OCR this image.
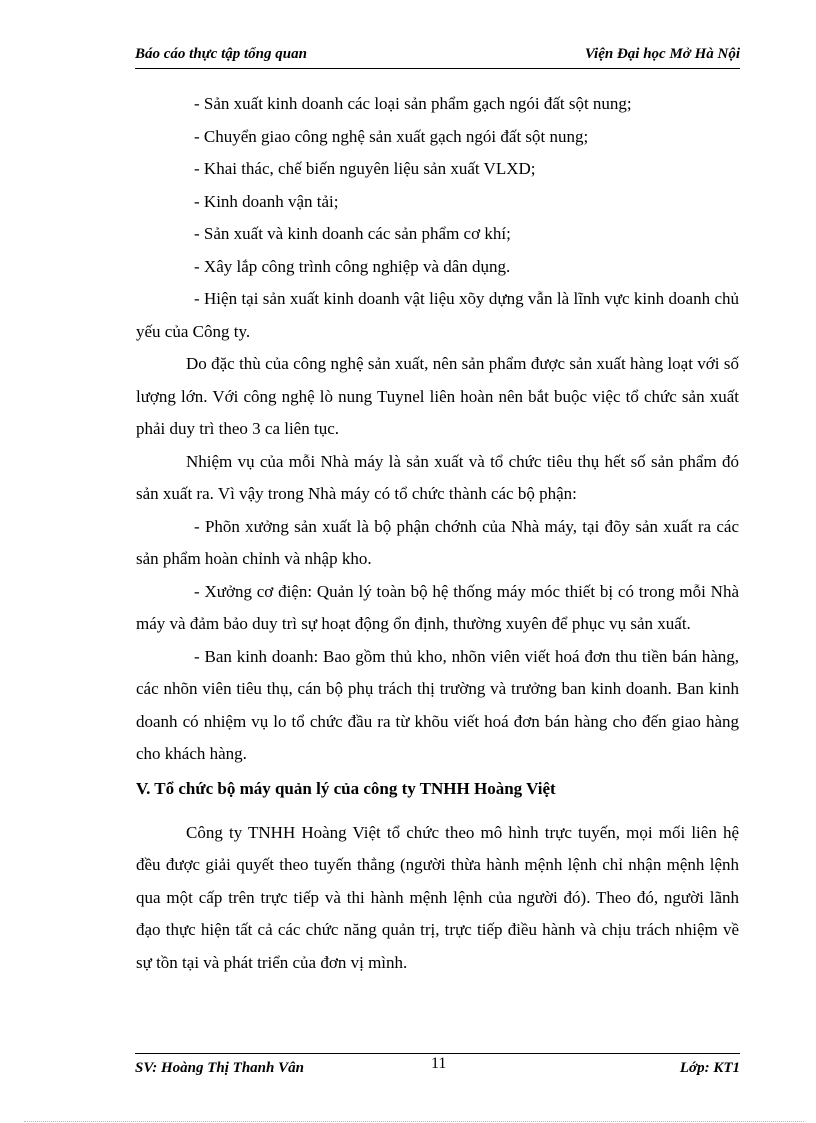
Báo cáo thực tập tổng quan	Viện Đại học Mở Hà Nội

- Sản xuất kinh doanh các loại sản phẩm gạch ngói đất sột nung;

- Chuyển giao công nghệ sản xuất gạch ngói đất sột nung;

- Khai thác, chế biến nguyên liệu sản xuất VLXD;

- Kinh doanh vận tải;

- Sản xuất và kinh doanh các sản phẩm cơ khí;

- Xây lắp công trình công nghiệp và dân dụng.

- Hiện tại sản xuất kinh doanh vật liệu xõy dựng vẫn là lĩnh vực kinh doanh chủ yếu của Công ty.

Do đặc thù của công nghệ sản xuất, nên sản phẩm được sản xuất hàng loạt với số lượng lớn. Với công nghệ lò nung Tuynel liên hoàn nên bắt buộc việc tổ chức sản xuất phải duy trì theo 3 ca liên tục.

Nhiệm vụ của mỗi Nhà máy là sản xuất và tổ chức tiêu thụ hết số sản phẩm đó sản xuất ra. Vì vậy trong Nhà máy có tổ chức thành các bộ phận:

- Phõn xưởng sản xuất là bộ phận chớnh của Nhà máy, tại đõy sản xuất ra các sản phẩm hoàn chỉnh và nhập kho.

- Xưởng cơ điện: Quản lý toàn bộ hệ thống máy móc thiết bị có trong mỗi Nhà máy và đảm bảo duy trì sự hoạt động ổn định, thường xuyên để phục vụ sản xuất.

- Ban kinh doanh: Bao gồm thủ kho, nhõn viên viết hoá đơn thu tiền bán hàng, các nhõn viên tiêu thụ, cán bộ phụ trách thị trường và trưởng ban kinh doanh. Ban kinh doanh có nhiệm vụ lo tổ chức đầu ra từ khõu viết hoá đơn bán hàng cho đến giao hàng cho khách hàng.

V. Tổ chức bộ máy quản lý của công ty TNHH Hoàng Việt

Công ty TNHH Hoàng Việt tổ chức theo mô hình trực tuyến, mọi mối liên hệ đều được giải quyết theo tuyến thẳng (người thừa hành mệnh lệnh chỉ nhận mệnh lệnh qua một cấp trên trực tiếp và thi hành mệnh lệnh của người đó). Theo đó, người lãnh đạo thực hiện tất cả các chức năng quản trị, trực tiếp điều hành và chịu trách nhiệm về sự tồn tại và phát triển của đơn vị mình.

SV: Hoàng Thị Thanh Vân	11	Lớp: KT1
